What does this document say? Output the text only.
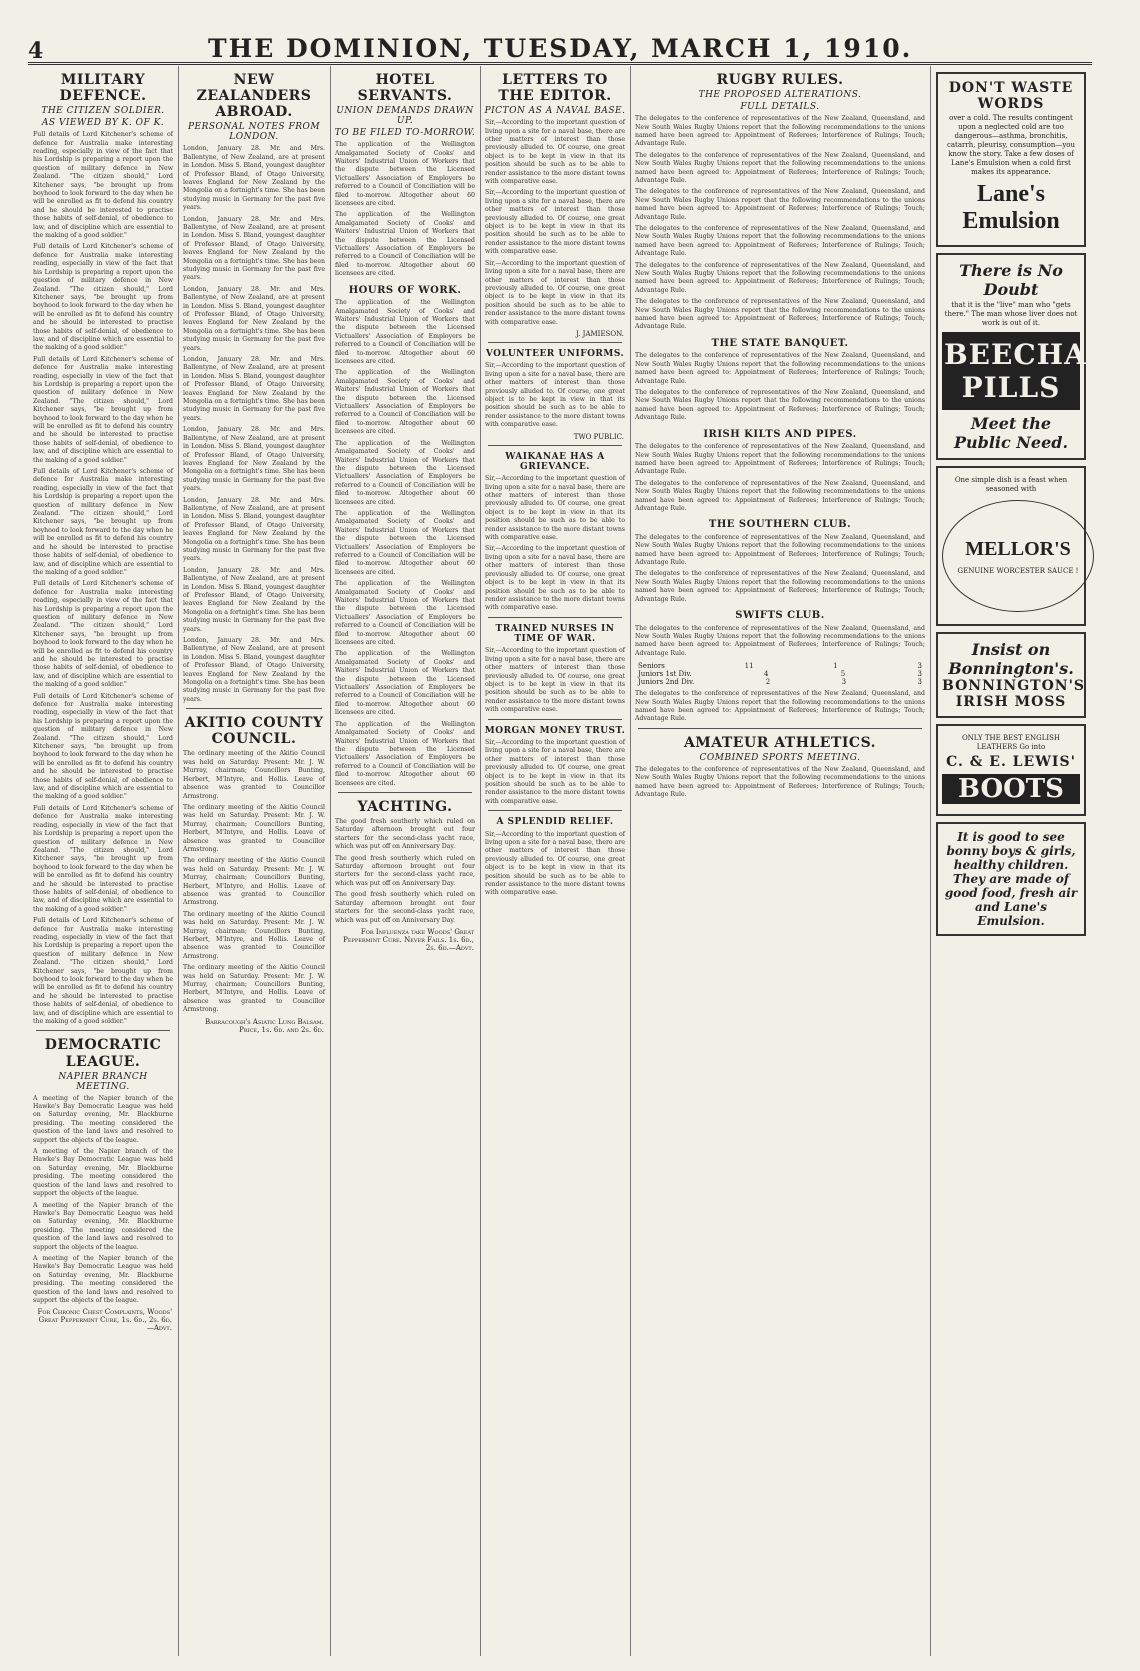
4	THE DOMINION, TUESDAY, MARCH 1, 1910.
MILITARY DEFENCE.
THE CITIZEN SOLDIER.
AS VIEWED BY K. OF K.
Full details of Lord Kitchener's scheme of defence for Australia make interesting reading, especially in view of the fact that his Lordship is preparing a report upon the question of military defence in New Zealand. "The citizen should," Lord Kitchener says, "be brought up from boyhood to look forward to the day when he will be enrolled as fit to defend his country and he should be interested to practise those habits of self-denial, of obedience to law, and of discipline which are essential to the making of a good soldier."
Full details of Lord Kitchener's scheme of defence for Australia make interesting reading, especially in view of the fact that his Lordship is preparing a report upon the question of military defence in New Zealand. "The citizen should," Lord Kitchener says, "be brought up from boyhood to look forward to the day when he will be enrolled as fit to defend his country and he should be interested to practise those habits of self-denial, of obedience to law, and of discipline which are essential to the making of a good soldier."
Full details of Lord Kitchener's scheme of defence for Australia make interesting reading, especially in view of the fact that his Lordship is preparing a report upon the question of military defence in New Zealand. "The citizen should," Lord Kitchener says, "be brought up from boyhood to look forward to the day when he will be enrolled as fit to defend his country and he should be interested to practise those habits of self-denial, of obedience to law, and of discipline which are essential to the making of a good soldier."
Full details of Lord Kitchener's scheme of defence for Australia make interesting reading, especially in view of the fact that his Lordship is preparing a report upon the question of military defence in New Zealand. "The citizen should," Lord Kitchener says, "be brought up from boyhood to look forward to the day when he will be enrolled as fit to defend his country and he should be interested to practise those habits of self-denial, of obedience to law, and of discipline which are essential to the making of a good soldier."
Full details of Lord Kitchener's scheme of defence for Australia make interesting reading, especially in view of the fact that his Lordship is preparing a report upon the question of military defence in New Zealand. "The citizen should," Lord Kitchener says, "be brought up from boyhood to look forward to the day when he will be enrolled as fit to defend his country and he should be interested to practise those habits of self-denial, of obedience to law, and of discipline which are essential to the making of a good soldier."
Full details of Lord Kitchener's scheme of defence for Australia make interesting reading, especially in view of the fact that his Lordship is preparing a report upon the question of military defence in New Zealand. "The citizen should," Lord Kitchener says, "be brought up from boyhood to look forward to the day when he will be enrolled as fit to defend his country and he should be interested to practise those habits of self-denial, of obedience to law, and of discipline which are essential to the making of a good soldier."
Full details of Lord Kitchener's scheme of defence for Australia make interesting reading, especially in view of the fact that his Lordship is preparing a report upon the question of military defence in New Zealand. "The citizen should," Lord Kitchener says, "be brought up from boyhood to look forward to the day when he will be enrolled as fit to defend his country and he should be interested to practise those habits of self-denial, of obedience to law, and of discipline which are essential to the making of a good soldier."
Full details of Lord Kitchener's scheme of defence for Australia make interesting reading, especially in view of the fact that his Lordship is preparing a report upon the question of military defence in New Zealand. "The citizen should," Lord Kitchener says, "be brought up from boyhood to look forward to the day when he will be enrolled as fit to defend his country and he should be interested to practise those habits of self-denial, of obedience to law, and of discipline which are essential to the making of a good soldier."
DEMOCRATIC LEAGUE.
NAPIER BRANCH MEETING.
A meeting of the Napier branch of the Hawke's Bay Democratic League was held on Saturday evening, Mr. Blackburne presiding. The meeting considered the question of the land laws and resolved to support the objects of the league.
A meeting of the Napier branch of the Hawke's Bay Democratic League was held on Saturday evening, Mr. Blackburne presiding. The meeting considered the question of the land laws and resolved to support the objects of the league.
A meeting of the Napier branch of the Hawke's Bay Democratic League was held on Saturday evening, Mr. Blackburne presiding. The meeting considered the question of the land laws and resolved to support the objects of the league.
A meeting of the Napier branch of the Hawke's Bay Democratic League was held on Saturday evening, Mr. Blackburne presiding. The meeting considered the question of the land laws and resolved to support the objects of the league.
For Chronic Chest Complaints, Woods' Great Peppermint Cure, 1s. 6d., 2s. 6d.—Advt.
NEW ZEALANDERS ABROAD.
PERSONAL NOTES FROM LONDON.
London, January 28. Mr. and Mrs. Ballentyne, of New Zealand, are at present in London. Miss S. Bland, youngest daughter of Professor Bland, of Otago University, leaves England for New Zealand by the Mongolia on a fortnight's time. She has been studying music in Germany for the past five years.
London, January 28. Mr. and Mrs. Ballentyne, of New Zealand, are at present in London. Miss S. Bland, youngest daughter of Professor Bland, of Otago University, leaves England for New Zealand by the Mongolia on a fortnight's time. She has been studying music in Germany for the past five years.
London, January 28. Mr. and Mrs. Ballentyne, of New Zealand, are at present in London. Miss S. Bland, youngest daughter of Professor Bland, of Otago University, leaves England for New Zealand by the Mongolia on a fortnight's time. She has been studying music in Germany for the past five years.
London, January 28. Mr. and Mrs. Ballentyne, of New Zealand, are at present in London. Miss S. Bland, youngest daughter of Professor Bland, of Otago University, leaves England for New Zealand by the Mongolia on a fortnight's time. She has been studying music in Germany for the past five years.
London, January 28. Mr. and Mrs. Ballentyne, of New Zealand, are at present in London. Miss S. Bland, youngest daughter of Professor Bland, of Otago University, leaves England for New Zealand by the Mongolia on a fortnight's time. She has been studying music in Germany for the past five years.
London, January 28. Mr. and Mrs. Ballentyne, of New Zealand, are at present in London. Miss S. Bland, youngest daughter of Professor Bland, of Otago University, leaves England for New Zealand by the Mongolia on a fortnight's time. She has been studying music in Germany for the past five years.
London, January 28. Mr. and Mrs. Ballentyne, of New Zealand, are at present in London. Miss S. Bland, youngest daughter of Professor Bland, of Otago University, leaves England for New Zealand by the Mongolia on a fortnight's time. She has been studying music in Germany for the past five years.
London, January 28. Mr. and Mrs. Ballentyne, of New Zealand, are at present in London. Miss S. Bland, youngest daughter of Professor Bland, of Otago University, leaves England for New Zealand by the Mongolia on a fortnight's time. She has been studying music in Germany for the past five years.
AKITIO COUNTY COUNCIL.
The ordinary meeting of the Akitio Council was held on Saturday. Present: Mr. J. W. Murray, chairman; Councillors Bunting, Herbert, M'Intyre, and Hollis. Leave of absence was granted to Councillor Armstrong.
The ordinary meeting of the Akitio Council was held on Saturday. Present: Mr. J. W. Murray, chairman; Councillors Bunting, Herbert, M'Intyre, and Hollis. Leave of absence was granted to Councillor Armstrong.
The ordinary meeting of the Akitio Council was held on Saturday. Present: Mr. J. W. Murray, chairman; Councillors Bunting, Herbert, M'Intyre, and Hollis. Leave of absence was granted to Councillor Armstrong.
The ordinary meeting of the Akitio Council was held on Saturday. Present: Mr. J. W. Murray, chairman; Councillors Bunting, Herbert, M'Intyre, and Hollis. Leave of absence was granted to Councillor Armstrong.
The ordinary meeting of the Akitio Council was held on Saturday. Present: Mr. J. W. Murray, chairman; Councillors Bunting, Herbert, M'Intyre, and Hollis. Leave of absence was granted to Councillor Armstrong.
Barracough's Asiatic Lung Balsam. Price, 1s. 6d. and 2s. 6d.
HOTEL SERVANTS.
UNION DEMANDS DRAWN UP.
TO BE FILED TO-MORROW.
The application of the Wellington Amalgamated Society of Cooks' and Waiters' Industrial Union of Workers that the dispute between the Licensed Victuallers' Association of Employers be referred to a Council of Conciliation will be filed to-morrow. Altogether about 60 licensees are cited.
The application of the Wellington Amalgamated Society of Cooks' and Waiters' Industrial Union of Workers that the dispute between the Licensed Victuallers' Association of Employers be referred to a Council of Conciliation will be filed to-morrow. Altogether about 60 licensees are cited.
HOURS OF WORK.
The application of the Wellington Amalgamated Society of Cooks' and Waiters' Industrial Union of Workers that the dispute between the Licensed Victuallers' Association of Employers be referred to a Council of Conciliation will be filed to-morrow. Altogether about 60 licensees are cited.
The application of the Wellington Amalgamated Society of Cooks' and Waiters' Industrial Union of Workers that the dispute between the Licensed Victuallers' Association of Employers be referred to a Council of Conciliation will be filed to-morrow. Altogether about 60 licensees are cited.
The application of the Wellington Amalgamated Society of Cooks' and Waiters' Industrial Union of Workers that the dispute between the Licensed Victuallers' Association of Employers be referred to a Council of Conciliation will be filed to-morrow. Altogether about 60 licensees are cited.
The application of the Wellington Amalgamated Society of Cooks' and Waiters' Industrial Union of Workers that the dispute between the Licensed Victuallers' Association of Employers be referred to a Council of Conciliation will be filed to-morrow. Altogether about 60 licensees are cited.
The application of the Wellington Amalgamated Society of Cooks' and Waiters' Industrial Union of Workers that the dispute between the Licensed Victuallers' Association of Employers be referred to a Council of Conciliation will be filed to-morrow. Altogether about 60 licensees are cited.
The application of the Wellington Amalgamated Society of Cooks' and Waiters' Industrial Union of Workers that the dispute between the Licensed Victuallers' Association of Employers be referred to a Council of Conciliation will be filed to-morrow. Altogether about 60 licensees are cited.
The application of the Wellington Amalgamated Society of Cooks' and Waiters' Industrial Union of Workers that the dispute between the Licensed Victuallers' Association of Employers be referred to a Council of Conciliation will be filed to-morrow. Altogether about 60 licensees are cited.
YACHTING.
The good fresh southerly which ruled on Saturday afternoon brought out four starters for the second-class yacht race, which was put off on Anniversary Day.
The good fresh southerly which ruled on Saturday afternoon brought out four starters for the second-class yacht race, which was put off on Anniversary Day.
The good fresh southerly which ruled on Saturday afternoon brought out four starters for the second-class yacht race, which was put off on Anniversary Day.
For Influenza take Woods' Great Peppermint Cure. Never Fails. 1s. 6d., 2s. 6d.—Advt.
LETTERS TO THE EDITOR.
PICTON AS A NAVAL BASE.
Sir,—According to the important question of living upon a site for a naval base, there are other matters of interest than those previously alluded to. Of course, one great object is to be kept in view in that its position should be such as to be able to render assistance to the more distant towns with comparative ease.
Sir,—According to the important question of living upon a site for a naval base, there are other matters of interest than those previously alluded to. Of course, one great object is to be kept in view in that its position should be such as to be able to render assistance to the more distant towns with comparative ease.
Sir,—According to the important question of living upon a site for a naval base, there are other matters of interest than those previously alluded to. Of course, one great object is to be kept in view in that its position should be such as to be able to render assistance to the more distant towns with comparative ease.
J. JAMIESON.
VOLUNTEER UNIFORMS.
Sir,—According to the important question of living upon a site for a naval base, there are other matters of interest than those previously alluded to. Of course, one great object is to be kept in view in that its position should be such as to be able to render assistance to the more distant towns with comparative ease.
TWO PUBLIC.
WAIKANAE HAS A GRIEVANCE.
Sir,—According to the important question of living upon a site for a naval base, there are other matters of interest than those previously alluded to. Of course, one great object is to be kept in view in that its position should be such as to be able to render assistance to the more distant towns with comparative ease.
Sir,—According to the important question of living upon a site for a naval base, there are other matters of interest than those previously alluded to. Of course, one great object is to be kept in view in that its position should be such as to be able to render assistance to the more distant towns with comparative ease.
TRAINED NURSES IN TIME OF WAR.
Sir,—According to the important question of living upon a site for a naval base, there are other matters of interest than those previously alluded to. Of course, one great object is to be kept in view in that its position should be such as to be able to render assistance to the more distant towns with comparative ease.
MORGAN MONEY TRUST.
Sir,—According to the important question of living upon a site for a naval base, there are other matters of interest than those previously alluded to. Of course, one great object is to be kept in view in that its position should be such as to be able to render assistance to the more distant towns with comparative ease.
A SPLENDID RELIEF.
Sir,—According to the important question of living upon a site for a naval base, there are other matters of interest than those previously alluded to. Of course, one great object is to be kept in view in that its position should be such as to be able to render assistance to the more distant towns with comparative ease.
RUGBY RULES.
THE PROPOSED ALTERATIONS.
FULL DETAILS.
The delegates to the conference of representatives of the New Zealand, Queensland, and New South Wales Rugby Unions report that the following recommendations to the unions named have been agreed to: Appointment of Referees; Interference of Rulings; Touch; Advantage Rule.
The delegates to the conference of representatives of the New Zealand, Queensland, and New South Wales Rugby Unions report that the following recommendations to the unions named have been agreed to: Appointment of Referees; Interference of Rulings; Touch; Advantage Rule.
The delegates to the conference of representatives of the New Zealand, Queensland, and New South Wales Rugby Unions report that the following recommendations to the unions named have been agreed to: Appointment of Referees; Interference of Rulings; Touch; Advantage Rule.
The delegates to the conference of representatives of the New Zealand, Queensland, and New South Wales Rugby Unions report that the following recommendations to the unions named have been agreed to: Appointment of Referees; Interference of Rulings; Touch; Advantage Rule.
The delegates to the conference of representatives of the New Zealand, Queensland, and New South Wales Rugby Unions report that the following recommendations to the unions named have been agreed to: Appointment of Referees; Interference of Rulings; Touch; Advantage Rule.
The delegates to the conference of representatives of the New Zealand, Queensland, and New South Wales Rugby Unions report that the following recommendations to the unions named have been agreed to: Appointment of Referees; Interference of Rulings; Touch; Advantage Rule.
THE STATE BANQUET.
The delegates to the conference of representatives of the New Zealand, Queensland, and New South Wales Rugby Unions report that the following recommendations to the unions named have been agreed to: Appointment of Referees; Interference of Rulings; Touch; Advantage Rule.
The delegates to the conference of representatives of the New Zealand, Queensland, and New South Wales Rugby Unions report that the following recommendations to the unions named have been agreed to: Appointment of Referees; Interference of Rulings; Touch; Advantage Rule.
IRISH KILTS AND PIPES.
The delegates to the conference of representatives of the New Zealand, Queensland, and New South Wales Rugby Unions report that the following recommendations to the unions named have been agreed to: Appointment of Referees; Interference of Rulings; Touch; Advantage Rule.
The delegates to the conference of representatives of the New Zealand, Queensland, and New South Wales Rugby Unions report that the following recommendations to the unions named have been agreed to: Appointment of Referees; Interference of Rulings; Touch; Advantage Rule.
THE SOUTHERN CLUB.
The delegates to the conference of representatives of the New Zealand, Queensland, and New South Wales Rugby Unions report that the following recommendations to the unions named have been agreed to: Appointment of Referees; Interference of Rulings; Touch; Advantage Rule.
The delegates to the conference of representatives of the New Zealand, Queensland, and New South Wales Rugby Unions report that the following recommendations to the unions named have been agreed to: Appointment of Referees; Interference of Rulings; Touch; Advantage Rule.
SWIFTS CLUB.
The delegates to the conference of representatives of the New Zealand, Queensland, and New South Wales Rugby Unions report that the following recommendations to the unions named have been agreed to: Appointment of Referees; Interference of Rulings; Touch; Advantage Rule.
Seniors	11	1	3
Juniors 1st Div.	4	5	3
Juniors 2nd Div.	2	3	3
The delegates to the conference of representatives of the New Zealand, Queensland, and New South Wales Rugby Unions report that the following recommendations to the unions named have been agreed to: Appointment of Referees; Interference of Rulings; Touch; Advantage Rule.
AMATEUR ATHLETICS.
COMBINED SPORTS MEETING.
The delegates to the conference of representatives of the New Zealand, Queensland, and New South Wales Rugby Unions report that the following recommendations to the unions named have been agreed to: Appointment of Referees; Interference of Rulings; Touch; Advantage Rule.
DON'T WASTE WORDS
over a cold. The results contingent upon a neglected cold are too dangerous—asthma, bronchitis, catarrh, pleurisy, consumption—you know the story. Take a few doses of Lane's Emulsion when a cold first makes its appearance.
Lane's Emulsion
There is No Doubt
that it is the "live" man who "gets there." The man whose liver does not work is out of it.
BEECHAMS PILLS
Meet the Public Need.
One simple dish is a feast when seasoned with
MELLOR'S
GENUINE WORCESTER SAUCE !
Insist on Bonnington's.
BONNINGTON'S IRISH MOSS
ONLY THE BEST ENGLISH LEATHERS Go into
C. & E. LEWIS'
BOOTS
It is good to see bonny boys & girls, healthy children. They are made of good food, fresh air and Lane's Emulsion.
